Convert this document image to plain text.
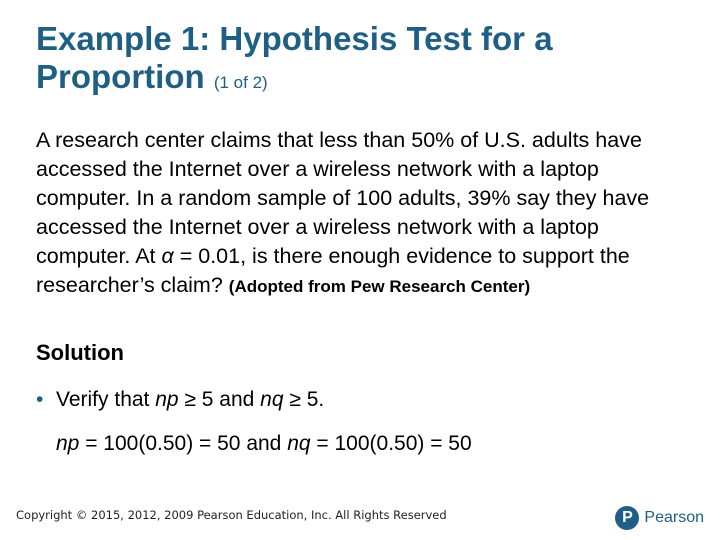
Example 1: Hypothesis Test for a Proportion (1 of 2)

A research center claims that less than 50% of U.S. adults have accessed the Internet over a wireless network with a laptop computer. In a random sample of 100 adults, 39% say they have accessed the Internet over a wireless network with a laptop computer. At α = 0.01, is there enough evidence to support the researcher’s claim? (Adopted from Pew Research Center)

Solution

• Verify that np ≥ 5 and nq ≥ 5.

np = 100(0.50) = 50 and nq = 100(0.50) = 50

Copyright © 2015, 2012, 2009 Pearson Education, Inc. All Rights Reserved	P Pearson
